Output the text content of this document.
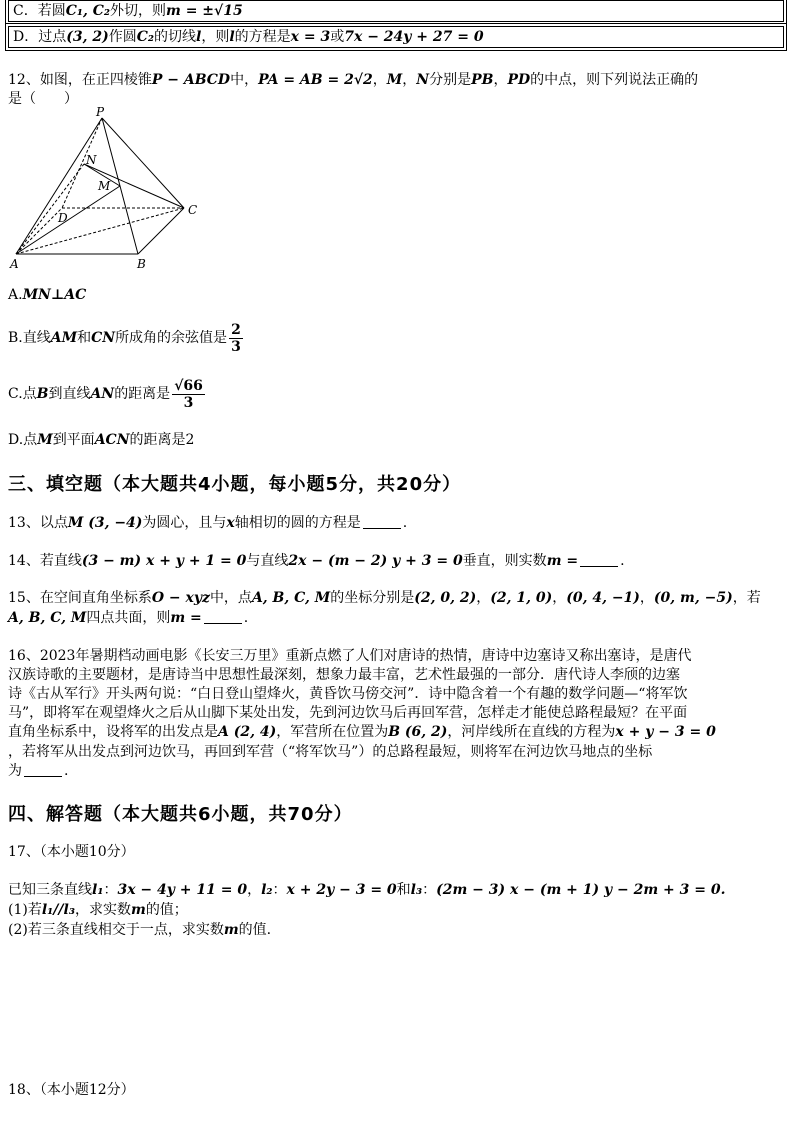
C．若圆C₁, C₂外切，则m = ±√15
D．过点(3, 2)作圆C₂的切线l，则l的方程是x = 3或7x − 24y + 27 = 0
12、如图，在正四棱锥P − ABCD中，PA = AB = 2√2，M，N分别是PB，PD的中点，则下列说法正确的
是（　　）
P
N
M
D
C
A	B
A.MN⊥AC
B.直线AM和CN所成角的余弦值是 $\frac{2}{3}$
C.点B到直线AN的距离是 $\frac{√66}{3}$
D.点M到平面ACN的距离是2
三、填空题（本大题共4小题，每小题5分，共20分）
13、以点M (3, −4)为圆心，且与x轴相切的圆的方程是	.
14、若直线(3 − m) x + y + 1 = 0与直线2x − (m − 2) y + 3 = 0垂直，则实数m =	.
15、在空间直角坐标系O − xyz中，点A, B, C, M的坐标分别是(2, 0, 2)，(2, 1, 0)，(0, 4, −1)，(0, m, −5)，若
A, B, C, M四点共面，则m =	.
16、2023年暑期档动画电影《长安三万里》重新点燃了人们对唐诗的热情，唐诗中边塞诗又称出塞诗，是唐代
汉族诗歌的主要题材，是唐诗当中思想性最深刻，想象力最丰富，艺术性最强的一部分．唐代诗人李颀的边塞
诗《古从军行》开头两句说：“白日登山望烽火，黄昏饮马傍交河”．诗中隐含着一个有趣的数学问题—“将军饮
马”，即将军在观望烽火之后从山脚下某处出发，先到河边饮马后再回军营，怎样走才能使总路程最短？在平面
直角坐标系中，设将军的出发点是A (2, 4)，军营所在位置为B (6, 2)，河岸线所在直线的方程为x + y − 3 = 0
，若将军从出发点到河边饮马，再回到军营（“将军饮马”）的总路程最短，则将军在河边饮马地点的坐标
为	.
四、解答题（本大题共6小题，共70分）
17、（本小题10分）
已知三条直线l₁：3x − 4y + 11 = 0，l₂：x + 2y − 3 = 0和l₃：(2m − 3) x − (m + 1) y − 2m + 3 = 0.
(1)若l₁//l₃，求实数m的值；
(2)若三条直线相交于一点，求实数m的值.
18、（本小题12分）
